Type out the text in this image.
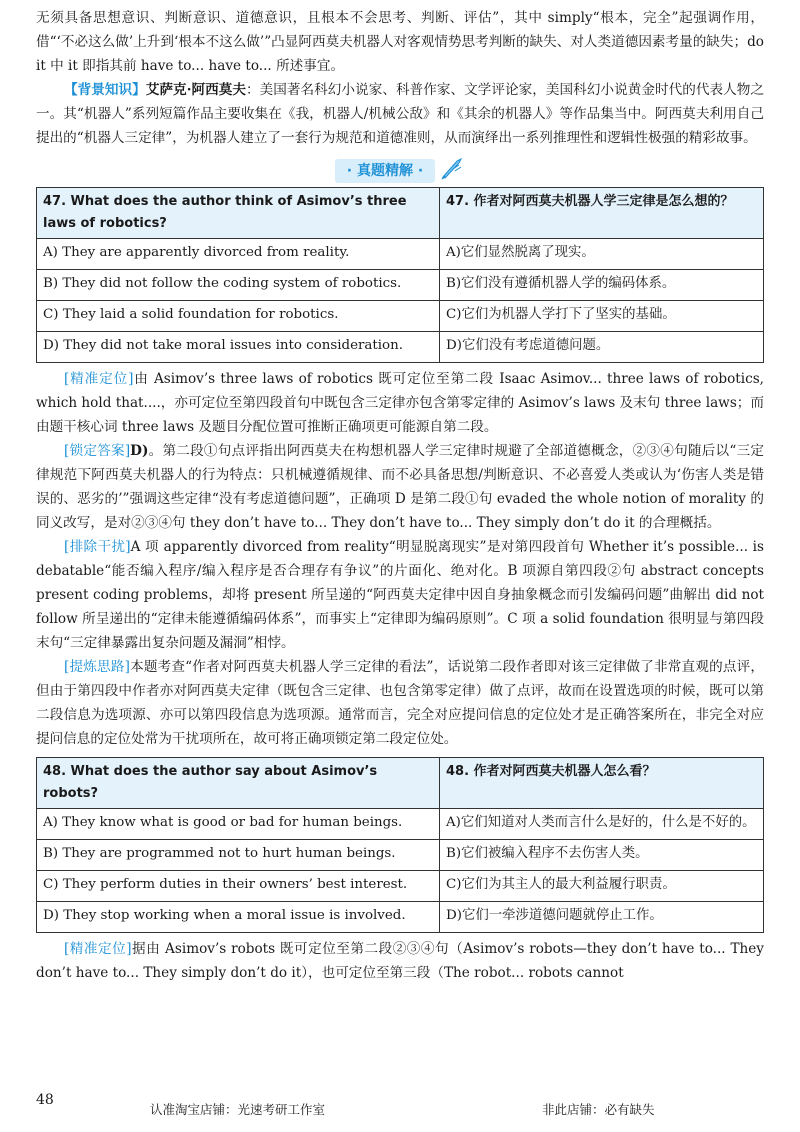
无须具备思想意识、判断意识、道德意识，且根本不会思考、判断、评估”，其中 simply“根本，完全”起强调作用，借“‘不必这么做’上升到‘根本不这么做’”凸显阿西莫夫机器人对客观情势思考判断的缺失、对人类道德因素考量的缺失；do it 中 it 即指其前 have to... have to... 所述事宜。

【背景知识】艾萨克·阿西莫夫：美国著名科幻小说家、科普作家、文学评论家，美国科幻小说黄金时代的代表人物之一。其“机器人”系列短篇作品主要收集在《我，机器人/机械公敌》和《其余的机器人》等作品集当中。阿西莫夫利用自己提出的“机器人三定律”，为机器人建立了一套行为规范和道德准则，从而演绎出一系列推理性和逻辑性极强的精彩故事。

· 真题精解 ·
47. What does the author think of Asimov’s three laws of robotics?	47. 作者对阿西莫夫机器人学三定律是怎么想的？
A) They are apparently divorced from reality.	A)它们显然脱离了现实。
B) They did not follow the coding system of robotics.	B)它们没有遵循机器人学的编码体系。
C) They laid a solid foundation for robotics.	C)它们为机器人学打下了坚实的基础。
D) They did not take moral issues into consideration.	D)它们没有考虑道德问题。

[精准定位]由 Asimov’s three laws of robotics 既可定位至第二段 Isaac Asimov... three laws of robotics, which hold that....，亦可定位至第四段首句中既包含三定律亦包含第零定律的 Asimov’s laws 及末句 three laws；而由题干核心词 three laws 及题目分配位置可推断正确项更可能源自第二段。

[锁定答案]D)。第二段①句点评指出阿西莫夫在构想机器人学三定律时规避了全部道德概念，②③④句随后以“三定律规范下阿西莫夫机器人的行为特点：只机械遵循规律、而不必具备思想/判断意识、不必喜爱人类或认为‘伤害人类是错误的、恶劣的’”强调这些定律“没有考虑道德问题”，正确项 D 是第二段①句 evaded the whole notion of morality 的同义改写，是对②③④句 they don’t have to... They don’t have to... They simply don’t do it 的合理概括。

[排除干扰]A 项 apparently divorced from reality“明显脱离现实”是对第四段首句 Whether it’s possible... is debatable“能否编入程序/编入程序是否合理存有争议”的片面化、绝对化。B 项源自第四段②句 abstract concepts present coding problems，却将 present 所呈递的“阿西莫夫定律中因自身抽象概念而引发编码问题”曲解出 did not follow 所呈递出的“定律未能遵循编码体系”，而事实上“定律即为编码原则”。C 项 a solid foundation 很明显与第四段末句“三定律暴露出复杂问题及漏洞”相悖。

[提炼思路]本题考查“作者对阿西莫夫机器人学三定律的看法”，话说第二段作者即对该三定律做了非常直观的点评，但由于第四段中作者亦对阿西莫夫定律（既包含三定律、也包含第零定律）做了点评，故而在设置选项的时候，既可以第二段信息为选项源、亦可以第四段信息为选项源。通常而言，完全对应提问信息的定位处才是正确答案所在，非完全对应提问信息的定位处常为干扰项所在，故可将正确项锁定第二段定位处。

48. What does the author say about Asimov’s robots?	48. 作者对阿西莫夫机器人怎么看？
A) They know what is good or bad for human beings.	A)它们知道对人类而言什么是好的，什么是不好的。
B) They are programmed not to hurt human beings.	B)它们被编入程序不去伤害人类。
C) They perform duties in their owners’ best interest.	C)它们为其主人的最大利益履行职责。
D) They stop working when a moral issue is involved.	D)它们一牵涉道德问题就停止工作。

[精准定位]据由 Asimov’s robots 既可定位至第二段②③④句（Asimov’s robots—they don’t have to... They don’t have to... They simply don’t do it），也可定位至第三段（The robot... robots cannot

48
认准淘宝店铺：光速考研工作室	非此店铺：必有缺失
